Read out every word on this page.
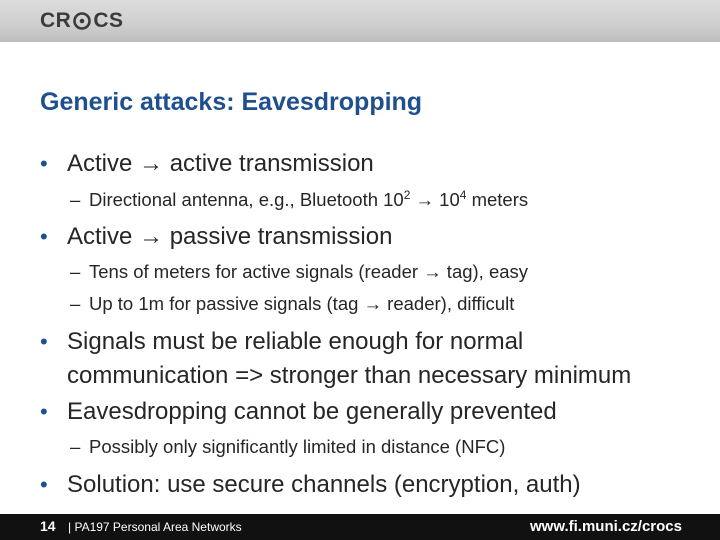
CR CS
Generic attacks: Eavesdropping
• Active → active transmission
– Directional antenna, e.g., Bluetooth $10^2 \to 10^4$ meters
• Active → passive transmission
– Tens of meters for active signals (reader → tag), easy
– Up to 1m for passive signals (tag → reader), difficult
• Signals must be reliable enough for normal
communication => stronger than necessary minimum
• Eavesdropping cannot be generally prevented
– Possibly only significantly limited in distance (NFC)
• Solution: use secure channels (encryption, auth)
14 | PA197 Personal Area Networks	www.fi.muni.cz/crocs
